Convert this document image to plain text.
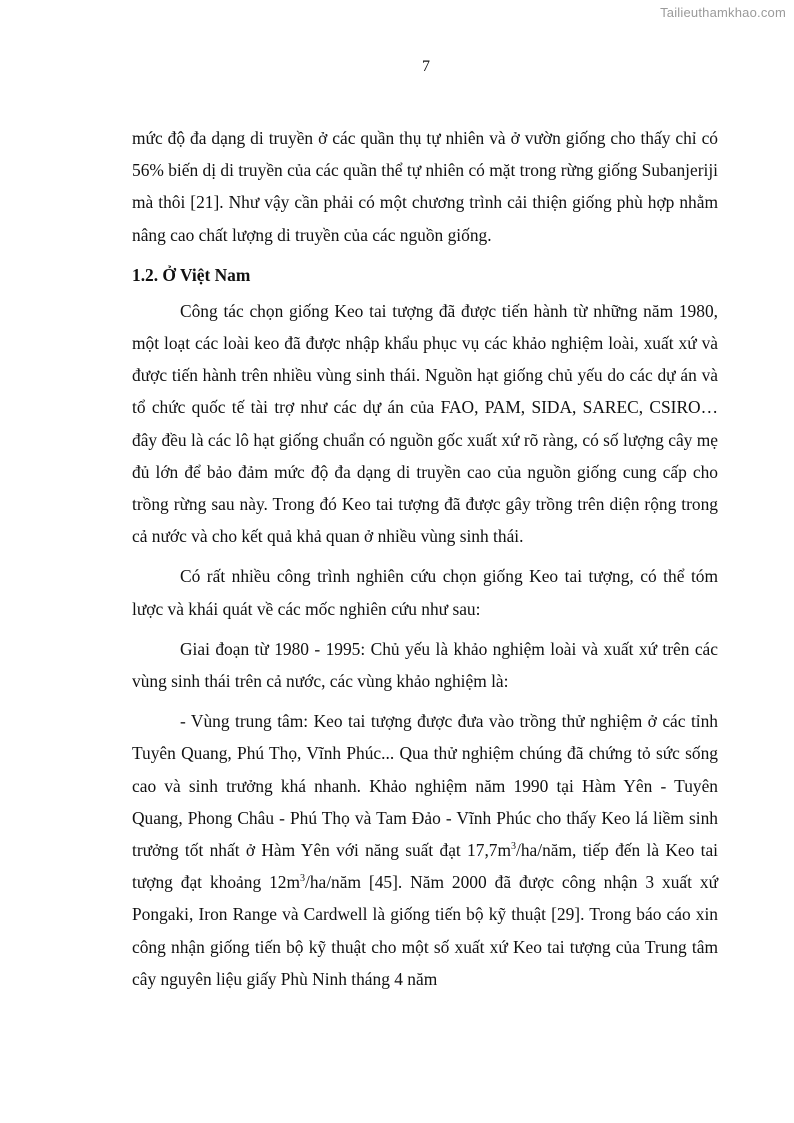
Tailieuthamkhao.com
7

mức độ đa dạng di truyền ở các quần thụ tự nhiên và ở vườn giống cho thấy chỉ có 56% biến dị di truyền của các quần thể tự nhiên có mặt trong rừng giống Subanjeriji mà thôi [21]. Như vậy cần phải có một chương trình cải thiện giống phù hợp nhằm nâng cao chất lượng di truyền của các nguồn giống.

1.2. Ở Việt Nam

Công tác chọn giống Keo tai tượng đã được tiến hành từ những năm 1980, một loạt các loài keo đã được nhập khẩu phục vụ các khảo nghiệm loài, xuất xứ và được tiến hành trên nhiều vùng sinh thái. Nguồn hạt giống chủ yếu do các dự án và tổ chức quốc tế tài trợ như các dự án của FAO, PAM, SIDA, SAREC, CSIRO… đây đều là các lô hạt giống chuẩn có nguồn gốc xuất xứ rõ ràng, có số lượng cây mẹ đủ lớn để bảo đảm mức độ đa dạng di truyền cao của nguồn giống cung cấp cho trồng rừng sau này. Trong đó Keo tai tượng đã được gây trồng trên diện rộng trong cả nước và cho kết quả khả quan ở nhiều vùng sinh thái.

Có rất nhiều công trình nghiên cứu chọn giống Keo tai tượng, có thể tóm lược và khái quát về các mốc nghiên cứu như sau:

Giai đoạn từ 1980 - 1995: Chủ yếu là khảo nghiệm loài và xuất xứ trên các vùng sinh thái trên cả nước, các vùng khảo nghiệm là:

- Vùng trung tâm: Keo tai tượng được đưa vào trồng thử nghiệm ở các tỉnh Tuyên Quang, Phú Thọ, Vĩnh Phúc... Qua thử nghiệm chúng đã chứng tỏ sức sống cao và sinh trưởng khá nhanh. Khảo nghiệm năm 1990 tại Hàm Yên - Tuyên Quang, Phong Châu - Phú Thọ và Tam Đảo - Vĩnh Phúc cho thấy Keo lá liềm sinh trưởng tốt nhất ở Hàm Yên với năng suất đạt $17,7m^3/ha$/năm, tiếp đến là Keo tai tượng đạt khoảng $12m^3/ha$/năm [45]. Năm 2000 đã được công nhận 3 xuất xứ Pongaki, Iron Range và Cardwell là giống tiến bộ kỹ thuật [29]. Trong báo cáo xin công nhận giống tiến bộ kỹ thuật cho một số xuất xứ Keo tai tượng của Trung tâm cây nguyên liệu giấy Phù Ninh tháng 4 năm
